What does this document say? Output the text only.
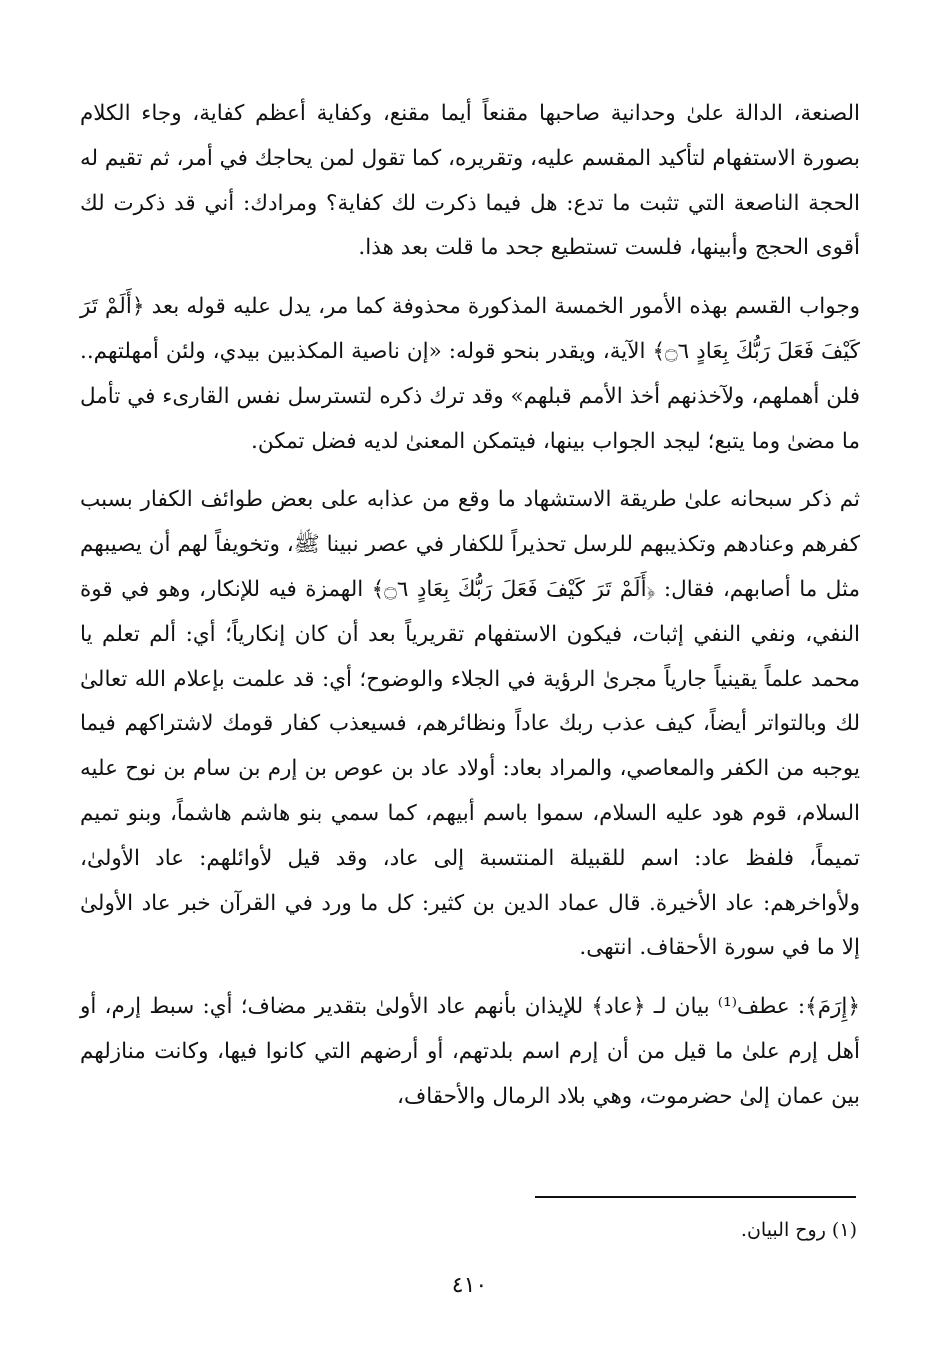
الصنعة، الدالة علىٰ وحدانية صاحبها مقنعاً أيما مقنع، وكفاية أعظم كفاية، وجاء الكلام بصورة الاستفهام لتأكيد المقسم عليه، وتقريره، كما تقول لمن يحاجك في أمر، ثم تقيم له الحجة الناصعة التي تثبت ما تدع: هل فيما ذكرت لك كفاية؟ ومرادك: أني قد ذكرت لك أقوى الحجج وأبينها، فلست تستطيع جحد ما قلت بعد هذا.

وجواب القسم بهذه الأمور الخمسة المذكورة محذوفة كما مر، يدل عليه قوله بعد ﴿أَلَمْ تَرَ كَيْفَ فَعَلَ رَبُّكَ بِعَادٍ ۝٦﴾ الآية، ويقدر بنحو قوله: «إن ناصية المكذبين بيدي، ولئن أمهلتهم.. فلن أهملهم، ولآخذنهم أخذ الأمم قبلهم» وقد ترك ذكره لتسترسل نفس القارىء في تأمل ما مضىٰ وما يتبع؛ ليجد الجواب بينها، فيتمكن المعنىٰ لديه فضل تمكن.

ثم ذكر سبحانه علىٰ طريقة الاستشهاد ما وقع من عذابه على بعض طوائف الكفار بسبب كفرهم وعنادهم وتكذيبهم للرسل تحذيراً للكفار في عصر نبينا ﷺ، وتخويفاً لهم أن يصيبهم مثل ما أصابهم، فقال: ﴿أَلَمْ تَرَ كَيْفَ فَعَلَ رَبُّكَ بِعَادٍ ۝٦﴾ الهمزة فيه للإنكار، وهو في قوة النفي، ونفي النفي إثبات، فيكون الاستفهام تقريرياً بعد أن كان إنكارياً؛ أي: ألم تعلم يا محمد علماً يقينياً جارياً مجرىٰ الرؤية في الجلاء والوضوح؛ أي: قد علمت بإعلام الله تعالىٰ لك وبالتواتر أيضاً، كيف عذب ربك عاداً ونظائرهم، فسيعذب كفار قومك لاشتراكهم فيما يوجبه من الكفر والمعاصي، والمراد بعاد: أولاد عاد بن عوص بن إرم بن سام بن نوح عليه السلام، قوم هود عليه السلام، سموا باسم أبيهم، كما سمي بنو هاشم هاشماً، وبنو تميم تميماً، فلفظ عاد: اسم للقبيلة المنتسبة إلى عاد، وقد قيل لأوائلهم: عاد الأولىٰ، ولأواخرهم: عاد الأخيرة. قال عماد الدين بن كثير: كل ما ورد في القرآن خبر عاد الأولىٰ إلا ما في سورة الأحقاف. انتهى.

﴿إِرَمَ﴾: عطف⁽¹⁾ بيان لـ ﴿عاد﴾ للإيذان بأنهم عاد الأولىٰ بتقدير مضاف؛ أي: سبط إرم، أو أهل إرم علىٰ ما قيل من أن إرم اسم بلدتهم، أو أرضهم التي كانوا فيها، وكانت منازلهم بين عمان إلىٰ حضرموت، وهي بلاد الرمال والأحقاف،

(١) روح البيان.
٤١٠
